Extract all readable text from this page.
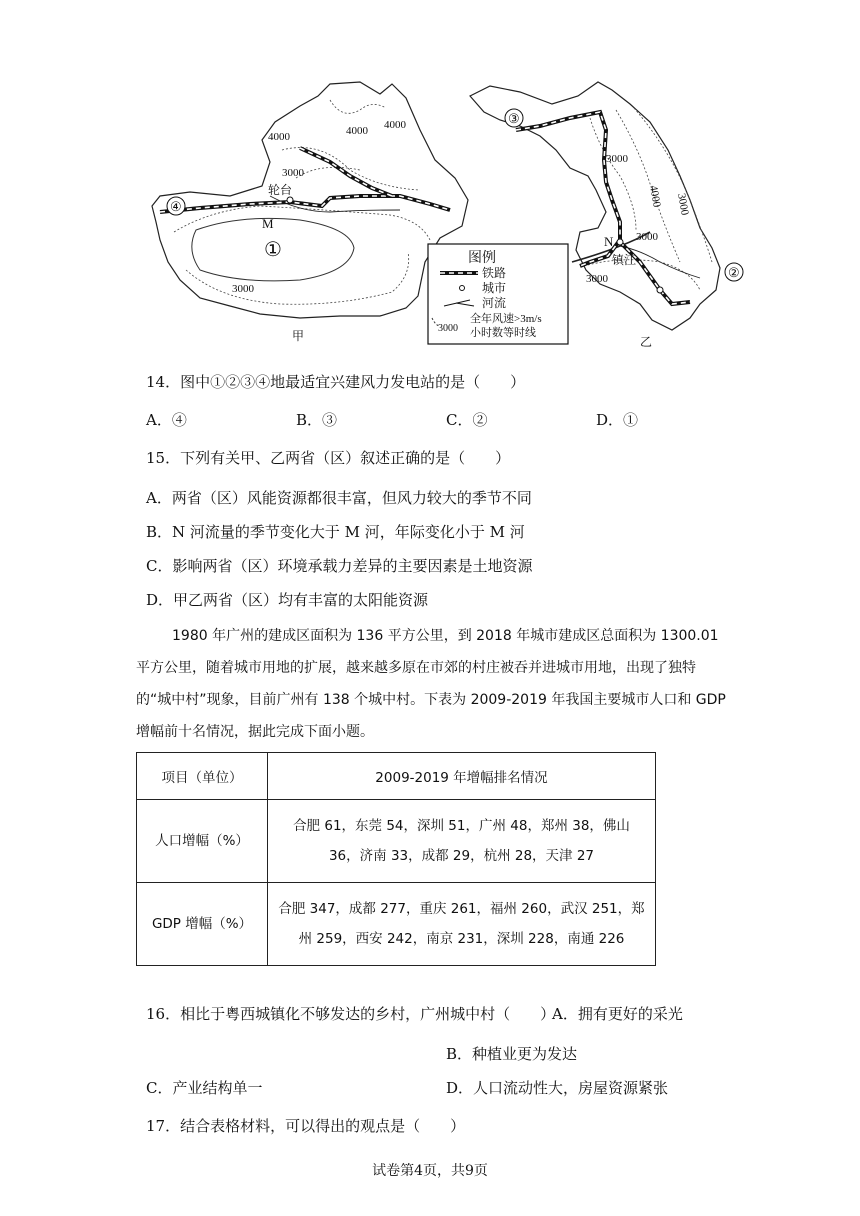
4000	4000 4000
3000
3000
轮台
M
①
④
甲
图例
铁路
城市
河流
3000
全年风速>3m/s
小时数等时线
③
②
3000
3000
3000
4000 3000
N
镇江
乙
14．图中①②③④地最适宜兴建风力发电站的是（　　）
A．④	B．③	C．②	D．①
15．下列有关甲、乙两省（区）叙述正确的是（　　）
A．两省（区）风能资源都很丰富，但风力较大的季节不同
B．N 河流量的季节变化大于 M 河，年际变化小于 M 河
C．影响两省（区）环境承载力差异的主要因素是土地资源
D．甲乙两省（区）均有丰富的太阳能资源
1980 年广州的建成区面积为 136 平方公里，到 2018 年城市建成区总面积为 1300.01 平方公里，随着城市用地的扩展，越来越多原在市郊的村庄被吞并进城市用地，出现了独特的“城中村”现象，目前广州有 138 个城中村。下表为 2009-2019 年我国主要城市人口和 GDP 增幅前十名情况，据此完成下面小题。
项目（单位）	2009-2019 年增幅排名情况
人口增幅（%）	合肥 61，东莞 54，深圳 51，广州 48，郑州 38，佛山 36，济南 33，成都 29，杭州 28，天津 27
GDP 增幅（%）	合肥 347，成都 277，重庆 261，福州 260，武汉 251，郑州 259，西安 242，南京 231，深圳 228，南通 226
16．相比于粤西城镇化不够发达的乡村，广州城中村（　　）
A．拥有更好的采光
B．种植业更为发达
C．产业结构单一	D．人口流动性大，房屋资源紧张
17．结合表格材料，可以得出的观点是（　　）
试卷第4页，共9页
